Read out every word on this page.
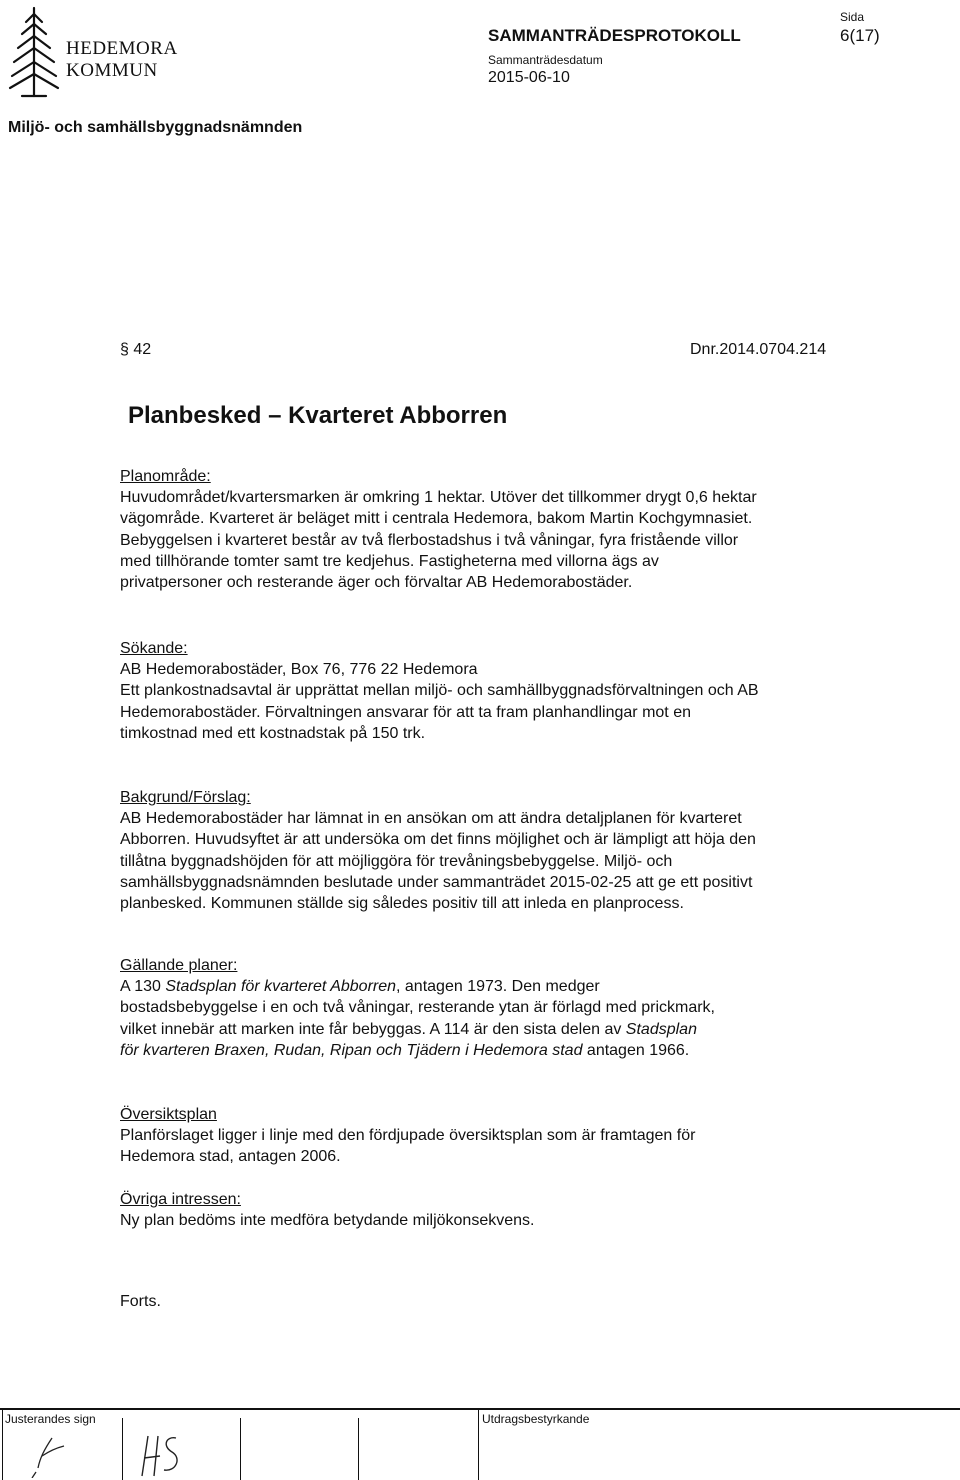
HEDEMORA
KOMMUN
SAMMANTRÄDESPROTOKOLL
Sammanträdesdatum
2015-06-10
Sida
6(17)
Miljö- och samhällsbyggnadsnämnden
§ 42	Dnr.2014.0704.214
Planbesked – Kvarteret Abborren
Planområde:

Huvudområdet/kvartersmarken är omkring 1 hektar. Utöver det tillkommer drygt 0,6 hektar vägområde. Kvarteret är beläget mitt i centrala Hedemora, bakom Martin Kochgymnasiet. Bebyggelsen i kvarteret består av två flerbostadshus i två våningar, fyra fristående villor med tillhörande tomter samt tre kedjehus. Fastigheterna med villorna ägs av privatpersoner och resterande äger och förvaltar AB Hedemorabostäder.

Sökande:

AB Hedemorabostäder, Box 76, 776 22 Hedemora

Ett plankostnadsavtal är upprättat mellan miljö- och samhällbyggnadsförvaltningen och AB Hedemorabostäder. Förvaltningen ansvarar för att ta fram planhandlingar mot en timkostnad med ett kostnadstak på 150 trk.

Bakgrund/Förslag:

AB Hedemorabostäder har lämnat in en ansökan om att ändra detaljplanen för kvarteret Abborren. Huvudsyftet är att undersöka om det finns möjlighet och är lämpligt att höja den tillåtna byggnadshöjden för att möjliggöra för trevåningsbebyggelse. Miljö- och samhällsbyggnadsnämnden beslutade under sammanträdet 2015-02-25 att ge ett positivt planbesked. Kommunen ställde sig således positiv till att inleda en planprocess.

Gällande planer:

A 130 Stadsplan för kvarteret Abborren, antagen 1973. Den medger bostadsbebyggelse i en och två våningar, resterande ytan är förlagd med prickmark, vilket innebär att marken inte får bebyggas. A 114 är den sista delen av Stadsplan för kvarteren Braxen, Rudan, Ripan och Tjädern i Hedemora stad antagen 1966.

Översiktsplan

Planförslaget ligger i linje med den fördjupade översiktsplan som är framtagen för Hedemora stad, antagen 2006.

Övriga intressen:

Ny plan bedöms inte medföra betydande miljökonsekvens.

Forts.
Justerandes sign	Utdragsbestyrkande
